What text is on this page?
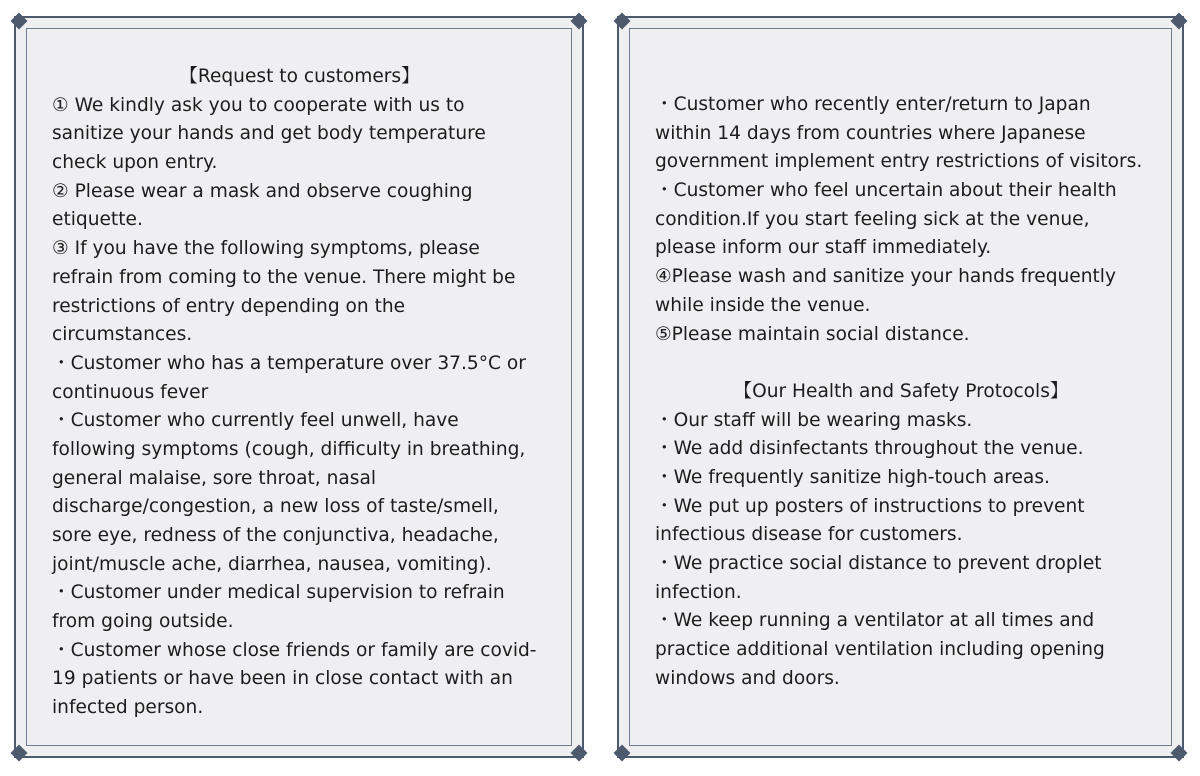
【Request to customers】
① We kindly ask you to cooperate with us to
sanitize your hands and get body temperature
check upon entry.
② Please wear a mask and observe coughing
etiquette.
③ If you have the following symptoms, please
refrain from coming to the venue. There might be
restrictions of entry depending on the
circumstances.
・Customer who has a temperature over 37.5°C or
continuous fever
・Customer who currently feel unwell, have
following symptoms (cough, difficulty in breathing,
general malaise, sore throat, nasal
discharge/congestion, a new loss of taste/smell,
sore eye, redness of the conjunctiva, headache,
joint/muscle ache, diarrhea, nausea, vomiting).
・Customer under medical supervision to refrain
from going outside.
・Customer whose close friends or family are covid-
19 patients or have been in close contact with an
infected person.
・Customer who recently enter/return to Japan
within 14 days from countries where Japanese
government implement entry restrictions of visitors.
・Customer who feel uncertain about their health
condition.If you start feeling sick at the venue,
please inform our staff immediately.
④Please wash and sanitize your hands frequently
while inside the venue.
⑤Please maintain social distance.
【Our Health and Safety Protocols】
・Our staff will be wearing masks.
・We add disinfectants throughout the venue.
・We frequently sanitize high-touch areas.
・We put up posters of instructions to prevent
infectious disease for customers.
・We practice social distance to prevent droplet
infection.
・We keep running a ventilator at all times and
practice additional ventilation including opening
windows and doors.
